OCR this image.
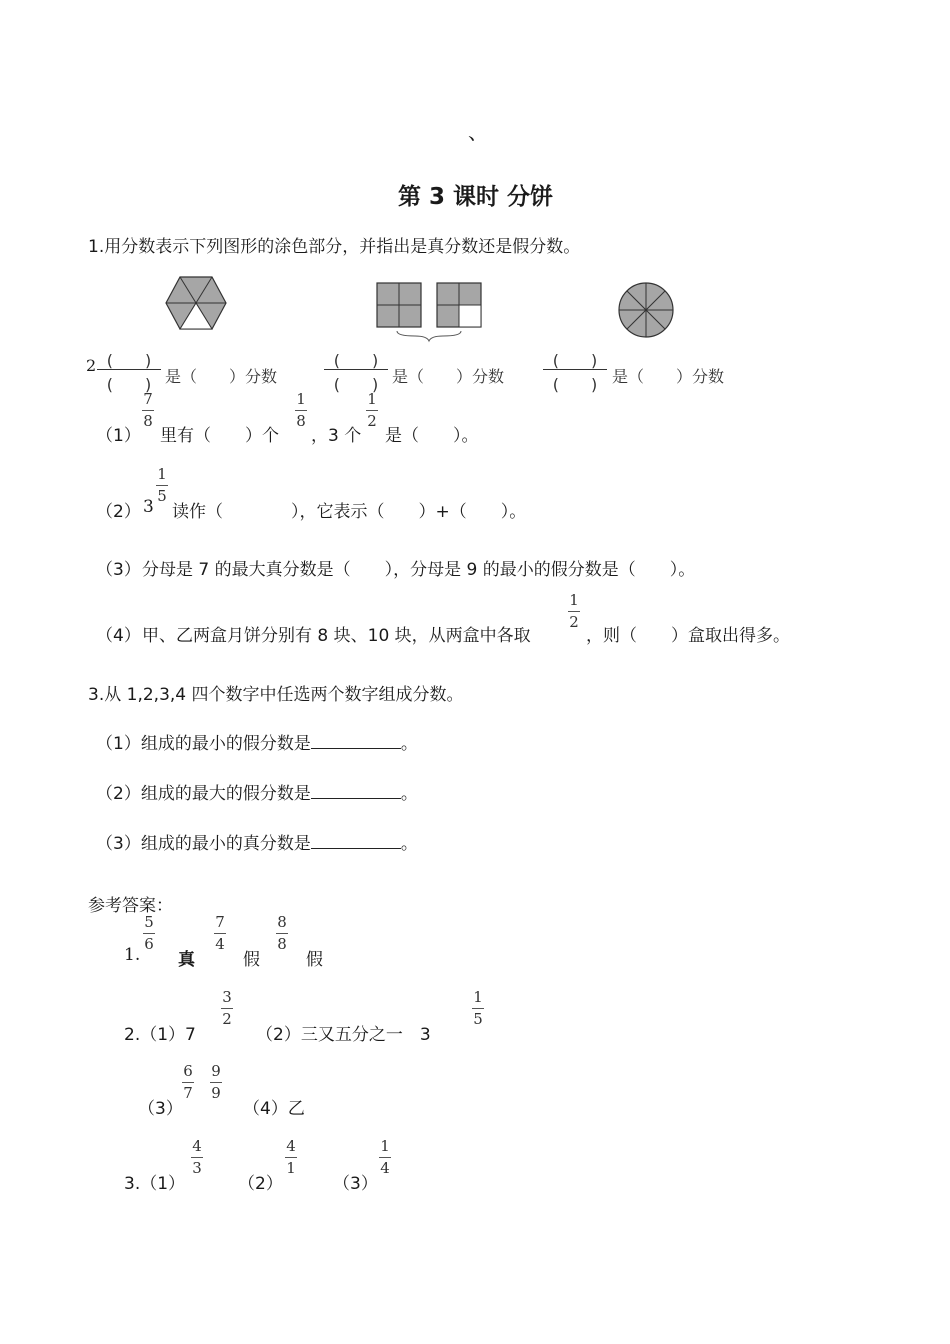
、
第 3 课时 分饼
1.用分数表示下列图形的涂色部分，并指出是真分数还是假分数。
(　　)
(　　) 是（　　）分数
(　　)
(　　) 是（　　）分数
(　　)
(　　) 是（　　）分数
2
（1）
7
8
里有（　　）个
1
8
，3 个
1
2
是（　　）。
（2） 3
1
5
读作（　　　　），它表示（　　）+（　　）。
（3） 分母是 7 的最大真分数是（　　），分母是 9 的最小的假分数是（　　）。
（4） 甲、乙两盒月饼分别有 8 块、10 块，从两盒中各取
1
2
，则（　　）盒取出得多。
3.从 1,2,3,4 四个数字中任选两个数字组成分数。
（1）组成的最小的假分数是	。
（2）组成的最大的假分数是	。
（3）组成的最小的真分数是	。
参考答案：
1.
5
6
真
7
4
假
8
8
假
2.（1）7
3
2
（2）三又五分之一　3
1
5
（3）
6
7
9
9
（4）乙
3.（1）
4
3
（2）
4
1
（3）
1
4
